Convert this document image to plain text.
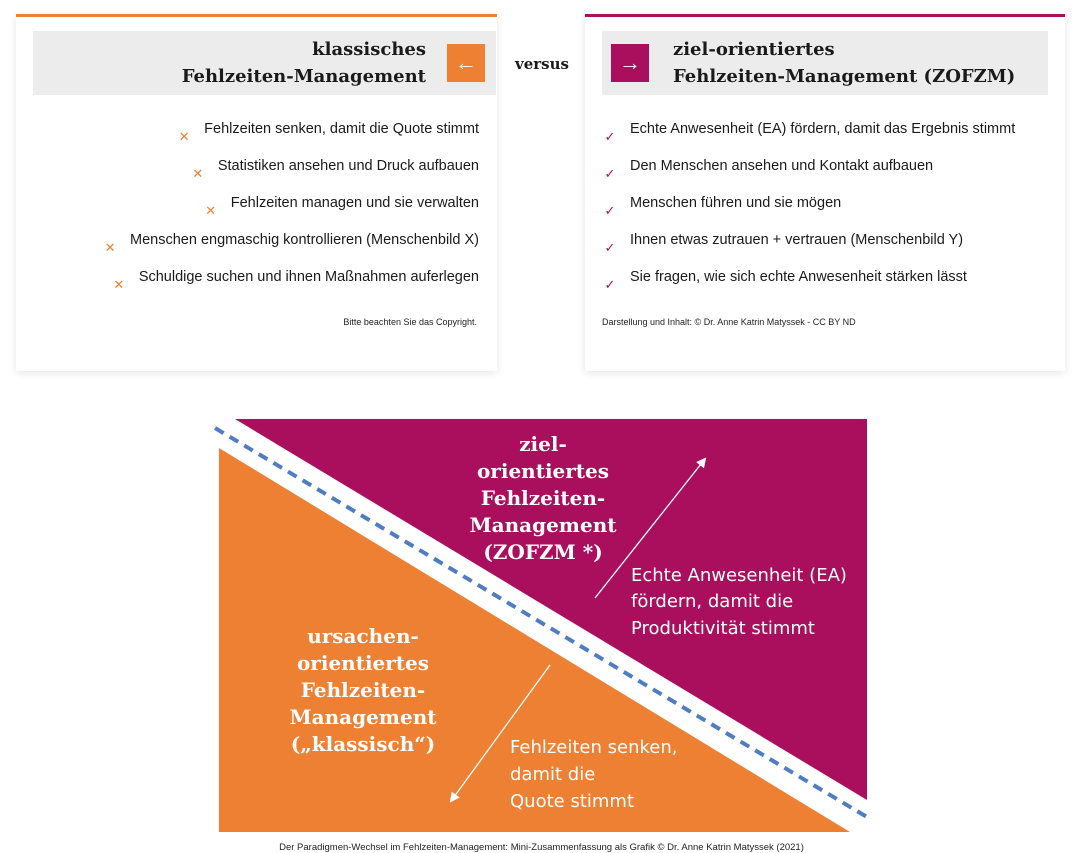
klassisches
Fehlzeiten-Management
←
✕ Fehlzeiten senken, damit die Quote stimmt
✕ Statistiken ansehen und Druck aufbauen
✕ Fehlzeiten managen und sie verwalten
✕ Menschen engmaschig kontrollieren (Menschenbild X)
✕ Schuldige suchen und ihnen Maßnahmen auferlegen
Bitte beachten Sie das Copyright.
versus	→
ziel-orientiertes
Fehlzeiten-Management (ZOFZM)
✓ Echte Anwesenheit (EA) fördern, damit das Ergebnis stimmt
✓ Den Menschen ansehen und Kontakt aufbauen
✓ Menschen führen und sie mögen
✓ Ihnen etwas zutrauen + vertrauen (Menschenbild Y)
✓ Sie fragen, wie sich echte Anwesenheit stärken lässt
Darstellung und Inhalt: © Dr. Anne Katrin Matyssek - CC BY ND
ziel-
orientiertes
Fehlzeiten-
Management
(ZOFZM *)
Echte Anwesenheit (EA)
fördern, damit die
Produktivität stimmt
ursachen-
orientiertes
Fehlzeiten-
Management
(„klassisch“)	Fehlzeiten senken,
damit die
Quote stimmt
Der Paradigmen-Wechsel im Fehlzeiten-Management: Mini-Zusammenfassung als Grafik © Dr. Anne Katrin Matyssek (2021)
